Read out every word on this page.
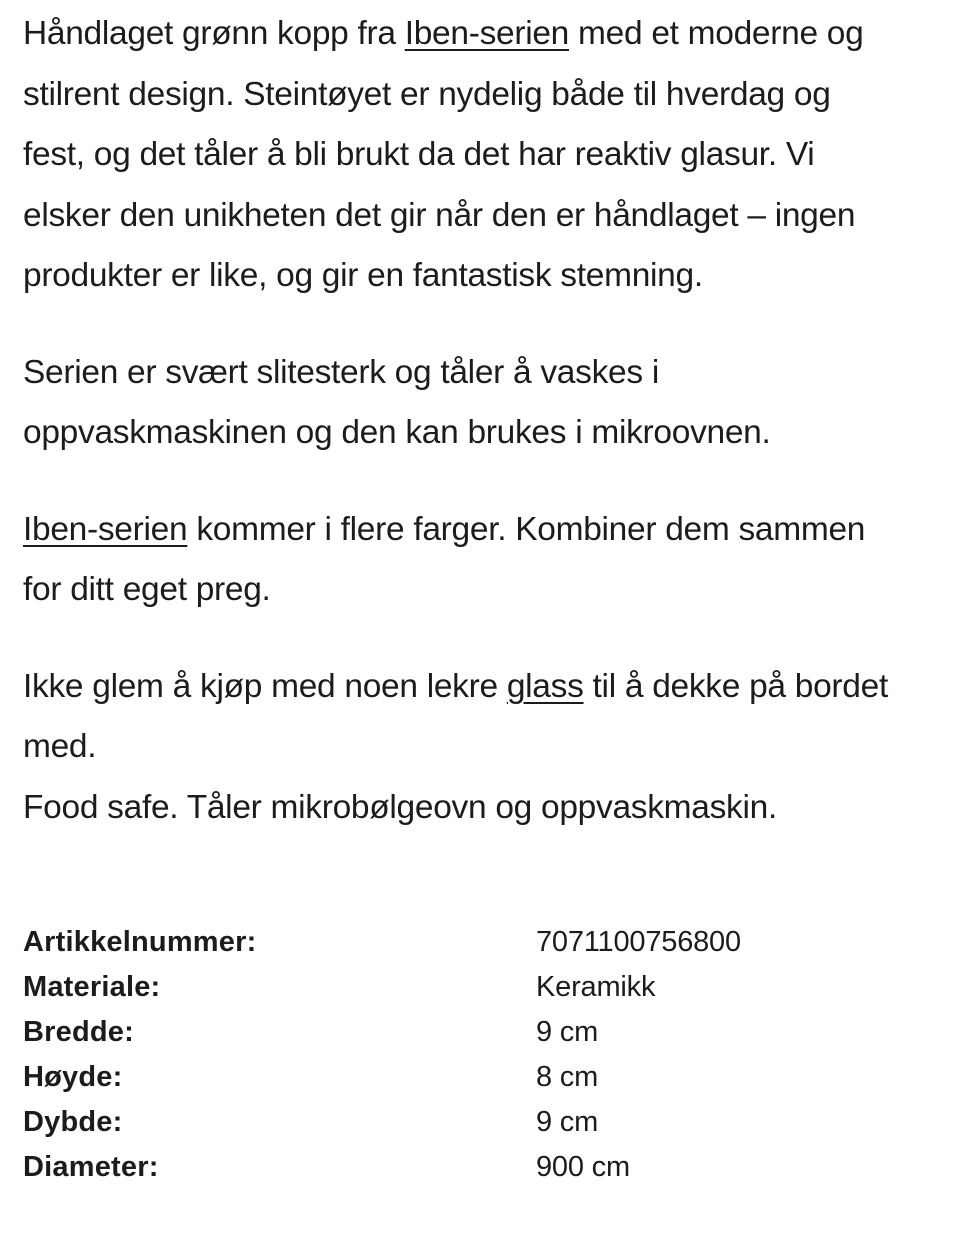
Håndlaget grønn kopp fra Iben-serien med et moderne og
stilrent design. Steintøyet er nydelig både til hverdag og
fest, og det tåler å bli brukt da det har reaktiv glasur. Vi
elsker den unikheten det gir når den er håndlaget – ingen
produkter er like, og gir en fantastisk stemning.

Serien er svært slitesterk og tåler å vaskes i
oppvaskmaskinen og den kan brukes i mikroovnen.

Iben-serien kommer i flere farger. Kombiner dem sammen
for ditt eget preg.

Ikke glem å kjøp med noen lekre glass til å dekke på bordet
med.
Food safe. Tåler mikrobølgeovn og oppvaskmaskin.

Artikkelnummer:	7071100756800
Materiale:	Keramikk
Bredde:	9 cm
Høyde:	8 cm
Dybde:	9 cm
Diameter:	900 cm
